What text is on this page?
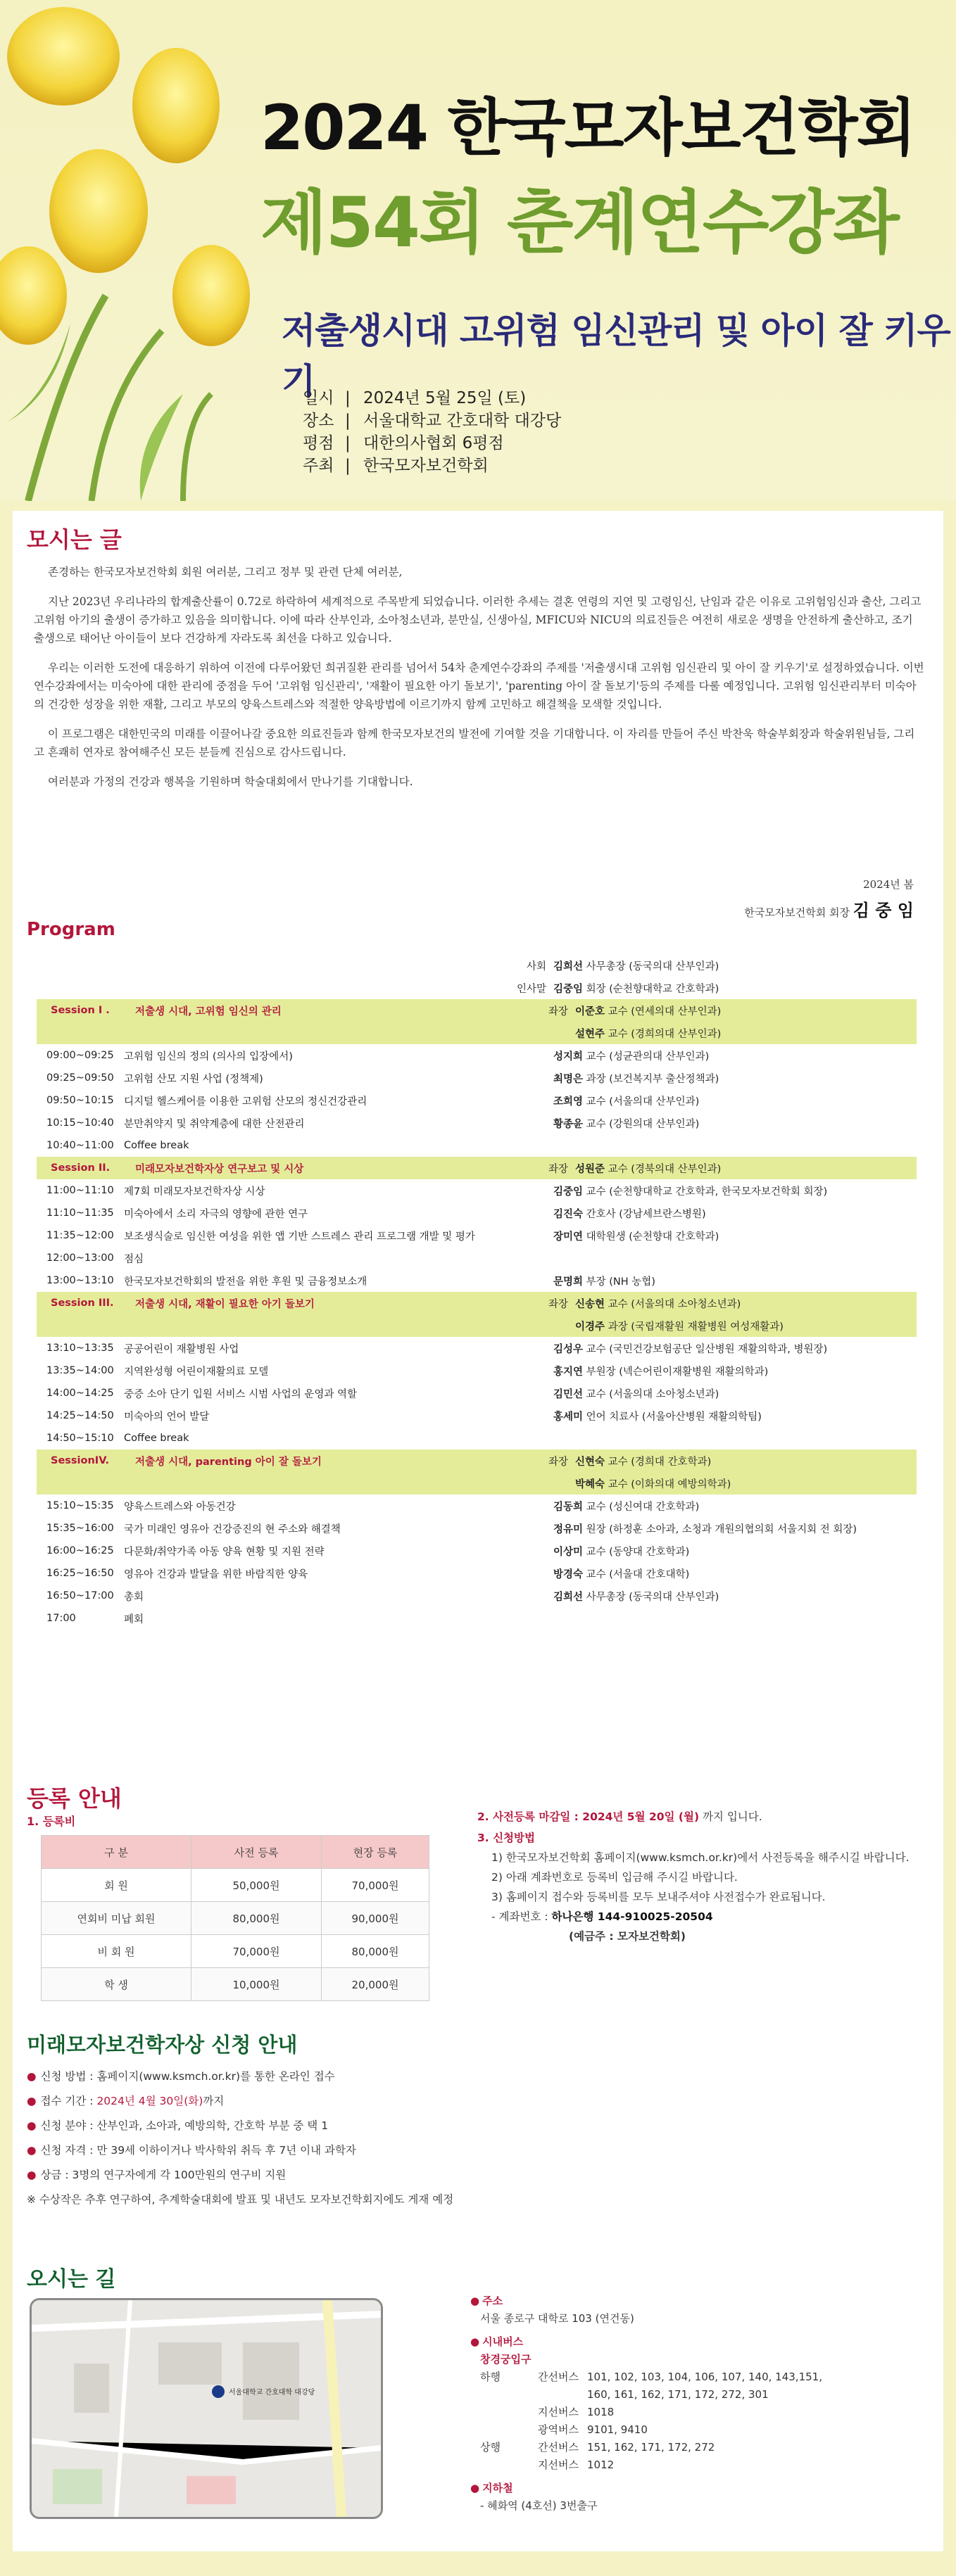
2024 한국모자보건학회
제54회 춘계연수강좌
저출생시대 고위험 임신관리 및 아이 잘 키우기
일시 | 2024년 5월 25일 (토)
장소 | 서울대학교 간호대학 대강당
평점 | 대한의사협회 6평점
주최 | 한국모자보건학회
모시는 글

존경하는 한국모자보건학회 회원 여러분, 그리고 정부 및 관련 단체 여러분,

지난 2023년 우리나라의 합계출산률이 0.72로 하락하여 세계적으로 주목받게 되었습니다. 이러한 추세는 결혼 연령의 지연 및 고령임신, 난임과 같은 이유로 고위험임신과 출산, 그리고 고위험 아기의 출생이 증가하고 있음을 의미합니다. 이에 따라 산부인과, 소아청소년과, 분만실, 신생아실, MFICU와 NICU의 의료진들은 여전히 새로운 생명을 안전하게 출산하고, 조기 출생으로 태어난 아이들이 보다 건강하게 자라도록 최선을 다하고 있습니다.

우리는 이러한 도전에 대응하기 위하여 이전에 다루어왔던 희귀질환 관리를 넘어서 54차 춘계연수강좌의 주제를 '저출생시대 고위험 임신관리 및 아이 잘 키우기'로 설정하였습니다. 이번 연수강좌에서는 미숙아에 대한 관리에 중점을 두어 '고위험 임신관리', '재활이 필요한 아기 돌보기', 'parenting 아이 잘 돌보기'등의 주제를 다룰 예정입니다. 고위험 임신관리부터 미숙아의 건강한 성장을 위한 재활, 그리고 부모의 양육스트레스와 적절한 양육방법에 이르기까지 함께 고민하고 해결책을 모색할 것입니다.

이 프로그램은 대한민국의 미래를 이끌어나갈 중요한 의료진들과 함께 한국모자보건의 발전에 기여할 것을 기대합니다. 이 자리를 만들어 주신 박찬욱 학술부회장과 학술위원님들, 그리고 흔쾌히 연자로 참여해주신 모든 분들께 진심으로 감사드립니다.

여러분과 가정의 건강과 행복을 기원하며 학술대회에서 만나기를 기대합니다.

2024년 봄
한국모자보건학회 회장 김 중 임
Program
사회 김희선 사무총장 (동국의대 산부인과)
인사말 김중임 회장 (순천향대학교 간호학과)
Session I .	저출생 시대, 고위험 임신의 관리	좌장 이준호 교수 (연세의대 산부인과)
설현주 교수 (경희의대 산부인과)
09:00~09:25 고위험 임신의 정의 (의사의 입장에서)	성지희 교수 (성균관의대 산부인과)
09:25~09:50 고위험 산모 지원 사업 (정책제)	최명은 과장 (보건복지부 출산정책과)
09:50~10:15 디지털 헬스케어를 이용한 고위험 산모의 정신건강관리	조희영 교수 (서울의대 산부인과)
10:15~10:40 분만취약지 및 취약계층에 대한 산전관리	황종윤 교수 (강원의대 산부인과)
10:40~11:00 Coffee break
Session II.	미래모자보건학자상 연구보고 및 시상	좌장 성원준 교수 (경북의대 산부인과)
11:00~11:10 제7회 미래모자보건학자상 시상	김중임 교수 (순천향대학교 간호학과, 한국모자보건학회 회장)
11:10~11:35 미숙아에서 소리 자극의 영향에 관한 연구	김진숙 간호사 (강남세브란스병원)
11:35~12:00 보조생식술로 임신한 여성을 위한 앱 기반 스트레스 관리 프로그램 개발 및 평가	장미연 대학원생 (순천향대 간호학과)
12:00~13:00 점심
13:00~13:10 한국모자보건학회의 발전을 위한 후원 및 금융정보소개	문명희 부장 (NH 농협)
Session III.	저출생 시대, 재활이 필요한 아기 돌보기	좌장 신송현 교수 (서울의대 소아청소년과)
이경주 과장 (국립재활원 재활병원 여성재활과)
13:10~13:35 공공어린이 재활병원 사업	김성우 교수 (국민건강보험공단 일산병원 재활의학과, 병원장)
13:35~14:00 지역완성형 어린이재활의료 모델	홍지연 부원장 (넥슨어린이재활병원 재활의학과)
14:00~14:25 중증 소아 단기 입원 서비스 시범 사업의 운영과 역할	김민선 교수 (서울의대 소아청소년과)
14:25~14:50 미숙아의 언어 발달	홍세미 언어 치료사 (서울아산병원 재활의학팀)
14:50~15:10 Coffee break
SessionIV.	저출생 시대, parenting 아이 잘 돌보기	좌장 신현숙 교수 (경희대 간호학과)
박혜숙 교수 (이화의대 예방의학과)
15:10~15:35 양육스트레스와 아동건강	김동희 교수 (성신여대 간호학과)
15:35~16:00 국가 미래인 영유아 건강증진의 현 주소와 해결책	정유미 원장 (하정훈 소아과, 소청과 개원의협의회 서울지회 전 회장)
16:00~16:25 다문화/취약가족 아동 양육 현황 및 지원 전략	이상미 교수 (동양대 간호학과)
16:25~16:50 영유아 건강과 발달을 위한 바람직한 양육	방경숙 교수 (서울대 간호대학)
16:50~17:00 총회	김희선 사무총장 (동국의대 산부인과)
17:00	폐회
등록 안내
1. 등록비
구 분	사전 등록	현장 등록
회 원	50,000원	70,000원
연회비 미납 회원	80,000원	90,000원
비 회 원	70,000원	80,000원
학 생	10,000원	20,000원
2. 사전등록 마감일 : 2024년 5월 20일 (월) 까지 입니다.
3. 신청방법
1) 한국모자보건학회 홈페이지(www.ksmch.or.kr)에서 사전등록을 해주시길 바랍니다.
2) 아래 계좌번호로 등록비 입금해 주시길 바랍니다.
3) 홈페이지 접수와 등록비를 모두 보내주셔야 사전접수가 완료됩니다.
- 계좌번호 : 하나은행 144-910025-20504
(예금주 : 모자보건학회)
미래모자보건학자상 신청 안내
● 신청 방법 : 홈페이지(www.ksmch.or.kr)를 통한 온라인 접수
● 접수 기간 : 2024년 4월 30일(화)까지
● 신청 분야 : 산부인과, 소아과, 예방의학, 간호학 부분 중 택 1
● 신청 자격 : 만 39세 이하이거나 박사학위 취득 후 7년 이내 과학자
● 상금 : 3명의 연구자에게 각 100만원의 연구비 지원
※ 수상작은 추후 연구하여, 추계학술대회에 발표 및 내년도 모자보건학회지에도 게재 예정
오시는 길
서울대학교 간호대학 대강당
● 주소
서울 종로구 대학로 103 (연건동)
● 시내버스
창경궁입구
하행	간선버스 101, 102, 103, 104, 106, 107, 140, 143,151,
160, 161, 162, 171, 172, 272, 301
지선버스 1018
광역버스 9101, 9410
상행	간선버스 151, 162, 171, 172, 272
지선버스 1012
● 지하철
- 혜화역 (4호선) 3번출구
